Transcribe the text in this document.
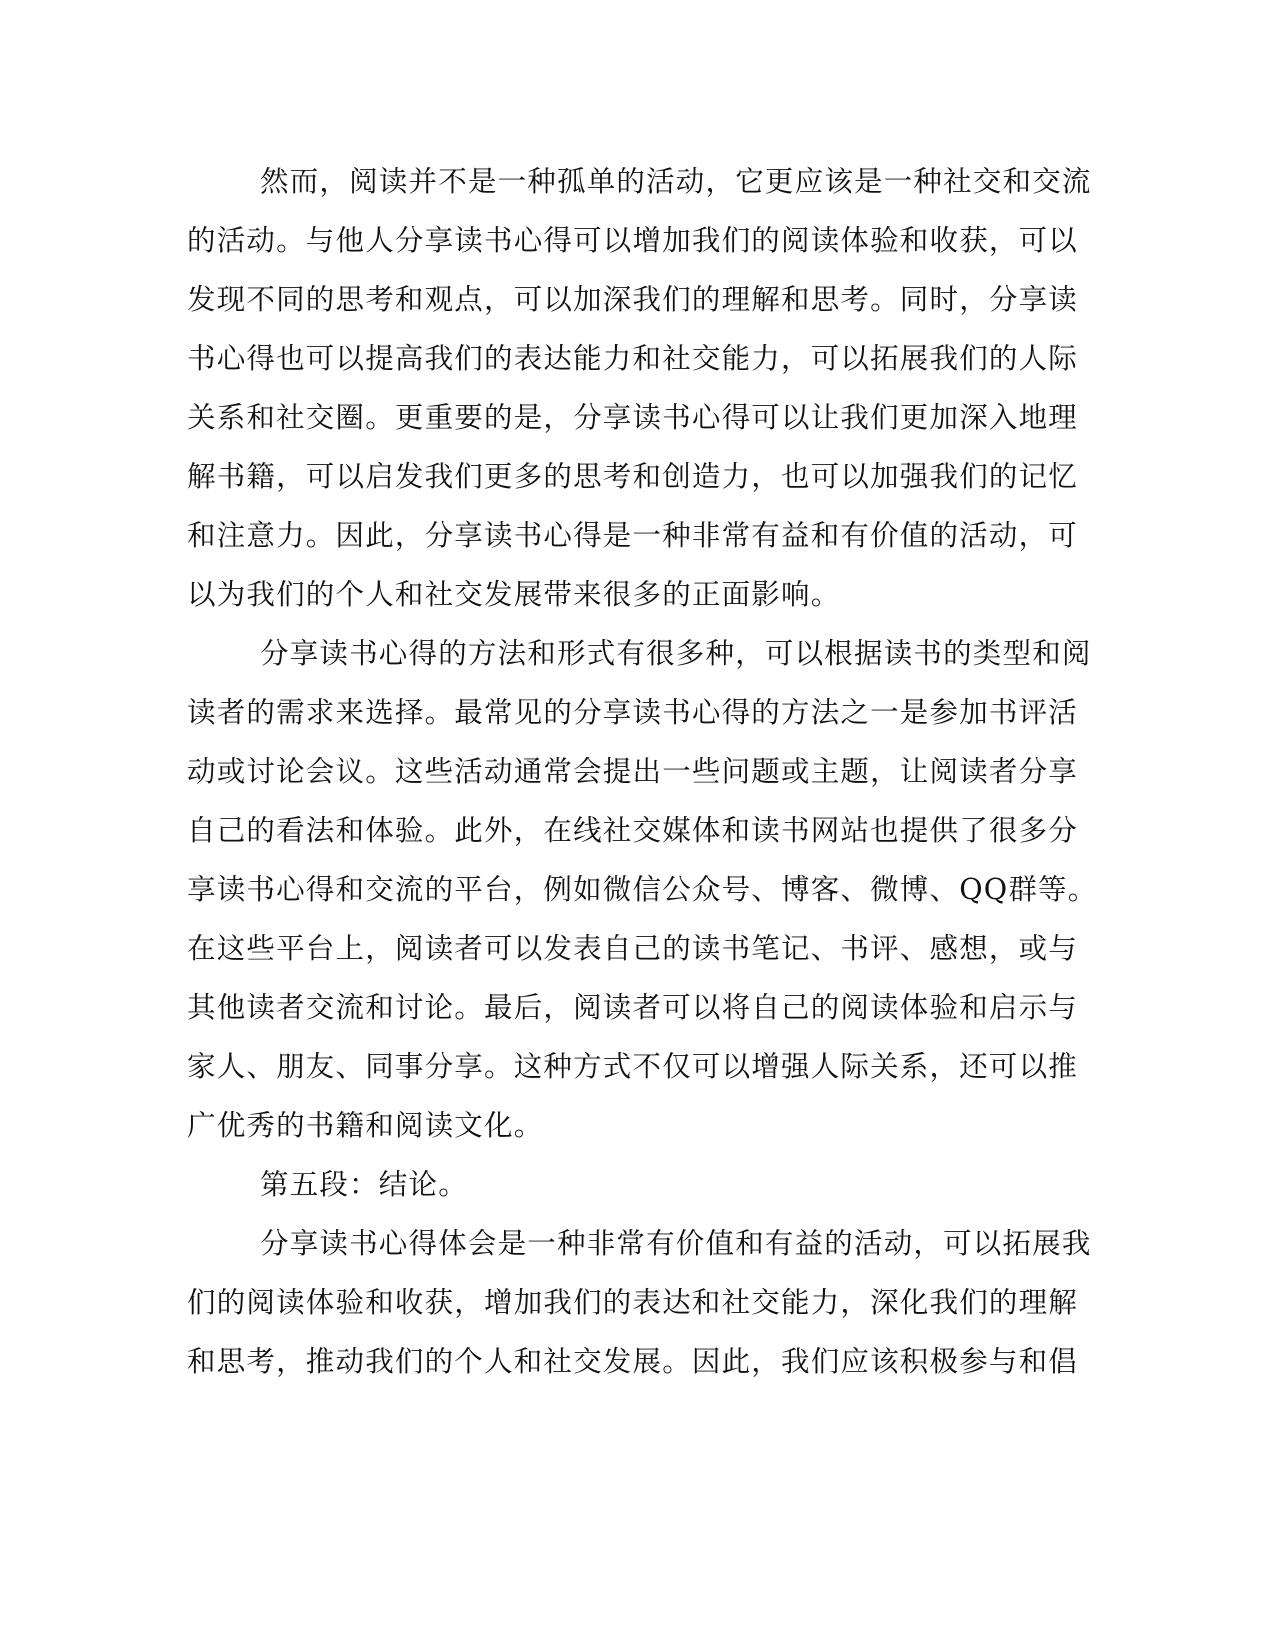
然而，阅读并不是一种孤单的活动，它更应该是一种社交和交流

的活动。与他人分享读书心得可以增加我们的阅读体验和收获，可以

发现不同的思考和观点，可以加深我们的理解和思考。同时，分享读

书心得也可以提高我们的表达能力和社交能力，可以拓展我们的人际

关系和社交圈。更重要的是，分享读书心得可以让我们更加深入地理

解书籍，可以启发我们更多的思考和创造力，也可以加强我们的记忆

和注意力。因此，分享读书心得是一种非常有益和有价值的活动，可

以为我们的个人和社交发展带来很多的正面影响。

分享读书心得的方法和形式有很多种，可以根据读书的类型和阅

读者的需求来选择。最常见的分享读书心得的方法之一是参加书评活

动或讨论会议。这些活动通常会提出一些问题或主题，让阅读者分享

自己的看法和体验。此外，在线社交媒体和读书网站也提供了很多分

享读书心得和交流的平台，例如微信公众号、博客、微博、QQ群等。

在这些平台上，阅读者可以发表自己的读书笔记、书评、感想，或与

其他读者交流和讨论。最后，阅读者可以将自己的阅读体验和启示与

家人、朋友、同事分享。这种方式不仅可以增强人际关系，还可以推

广优秀的书籍和阅读文化。

第五段：结论。

分享读书心得体会是一种非常有价值和有益的活动，可以拓展我

们的阅读体验和收获，增加我们的表达和社交能力，深化我们的理解

和思考，推动我们的个人和社交发展。因此，我们应该积极参与和倡
